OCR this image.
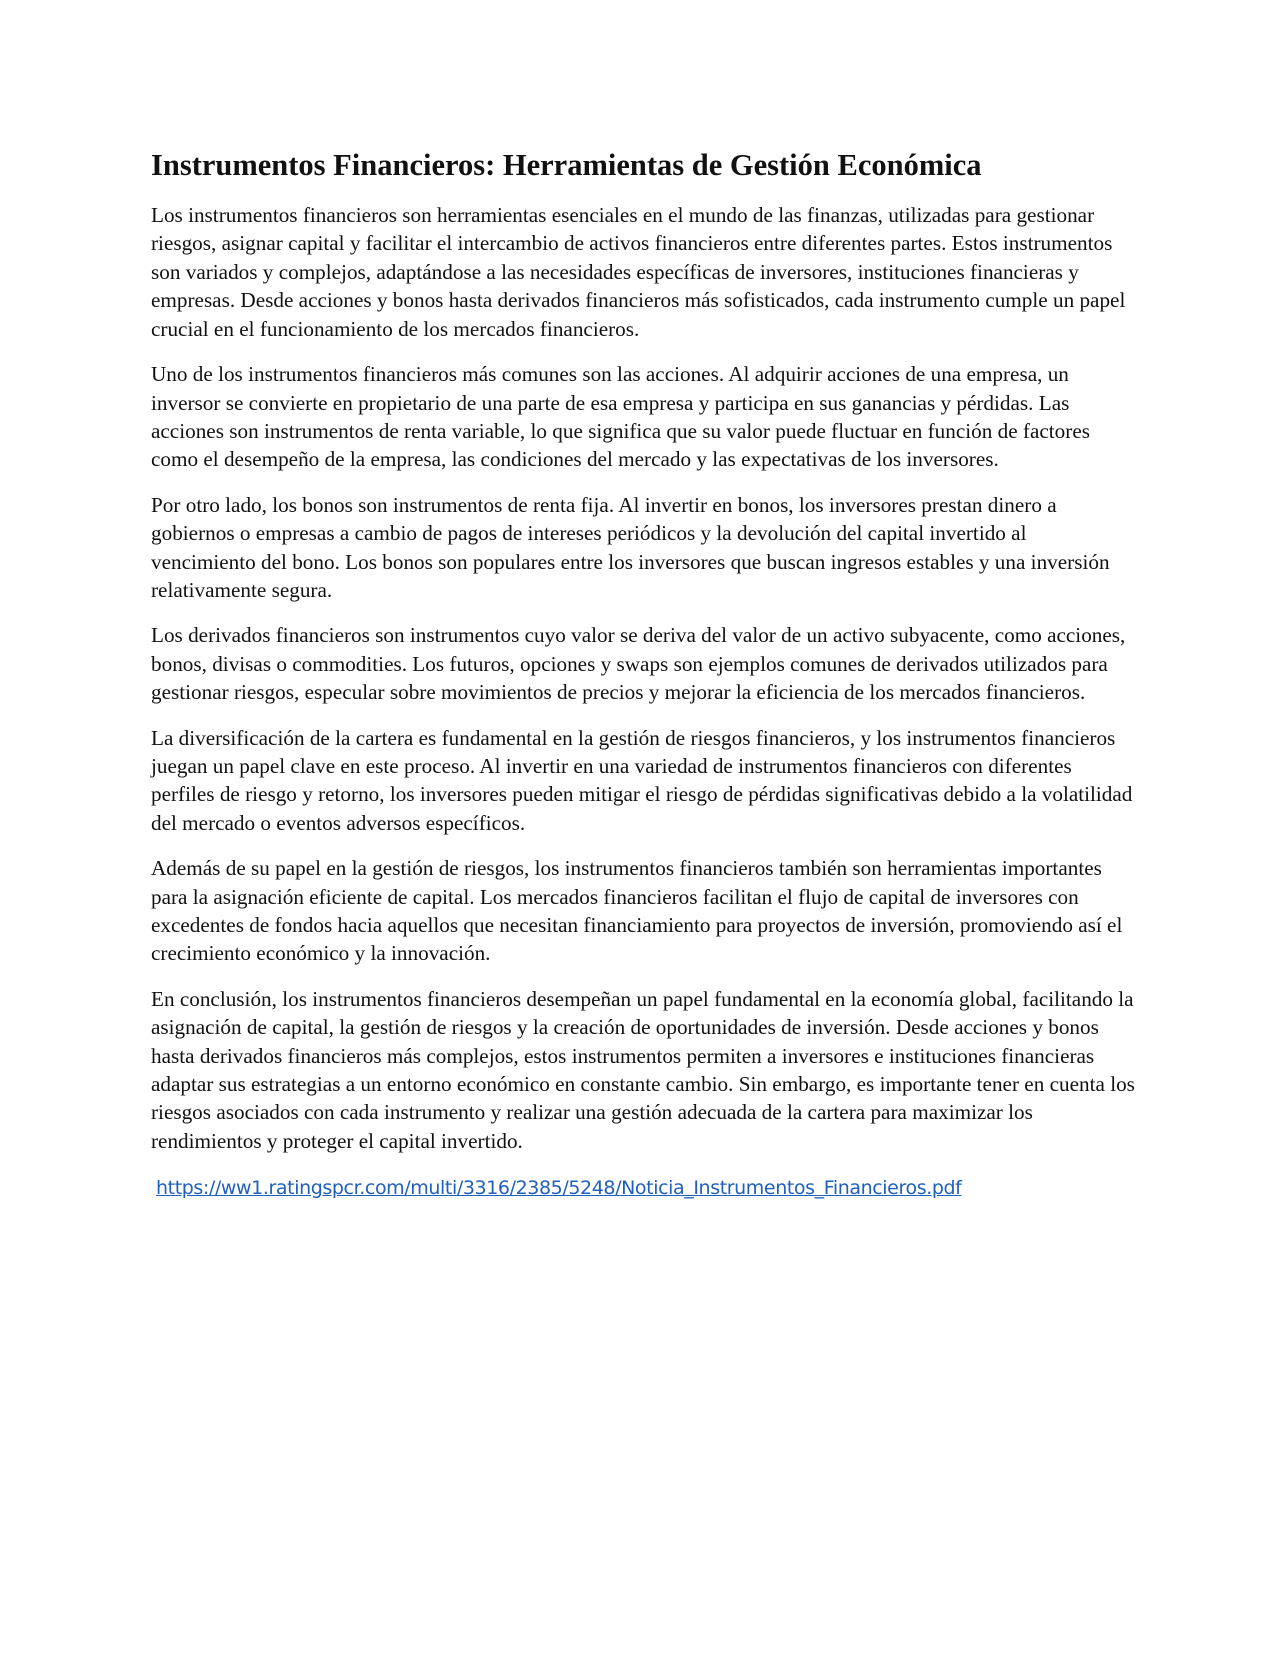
Instrumentos Financieros: Herramientas de Gestión Económica

Los instrumentos financieros son herramientas esenciales en el mundo de las finanzas, utilizadas para gestionar riesgos, asignar capital y facilitar el intercambio de activos financieros entre diferentes partes. Estos instrumentos son variados y complejos, adaptándose a las necesidades específicas de inversores, instituciones financieras y empresas. Desde acciones y bonos hasta derivados financieros más sofisticados, cada instrumento cumple un papel crucial en el funcionamiento de los mercados financieros.

Uno de los instrumentos financieros más comunes son las acciones. Al adquirir acciones de una empresa, un inversor se convierte en propietario de una parte de esa empresa y participa en sus ganancias y pérdidas. Las acciones son instrumentos de renta variable, lo que significa que su valor puede fluctuar en función de factores como el desempeño de la empresa, las condiciones del mercado y las expectativas de los inversores.

Por otro lado, los bonos son instrumentos de renta fija. Al invertir en bonos, los inversores prestan dinero a gobiernos o empresas a cambio de pagos de intereses periódicos y la devolución del capital invertido al vencimiento del bono. Los bonos son populares entre los inversores que buscan ingresos estables y una inversión relativamente segura.

Los derivados financieros son instrumentos cuyo valor se deriva del valor de un activo subyacente, como acciones, bonos, divisas o commodities. Los futuros, opciones y swaps son ejemplos comunes de derivados utilizados para gestionar riesgos, especular sobre movimientos de precios y mejorar la eficiencia de los mercados financieros.

La diversificación de la cartera es fundamental en la gestión de riesgos financieros, y los instrumentos financieros juegan un papel clave en este proceso. Al invertir en una variedad de instrumentos financieros con diferentes perfiles de riesgo y retorno, los inversores pueden mitigar el riesgo de pérdidas significativas debido a la volatilidad del mercado o eventos adversos específicos.

Además de su papel en la gestión de riesgos, los instrumentos financieros también son herramientas importantes para la asignación eficiente de capital. Los mercados financieros facilitan el flujo de capital de inversores con excedentes de fondos hacia aquellos que necesitan financiamiento para proyectos de inversión, promoviendo así el crecimiento económico y la innovación.

En conclusión, los instrumentos financieros desempeñan un papel fundamental en la economía global, facilitando la asignación de capital, la gestión de riesgos y la creación de oportunidades de inversión. Desde acciones y bonos hasta derivados financieros más complejos, estos instrumentos permiten a inversores e instituciones financieras adaptar sus estrategias a un entorno económico en constante cambio. Sin embargo, es importante tener en cuenta los riesgos asociados con cada instrumento y realizar una gestión adecuada de la cartera para maximizar los rendimientos y proteger el capital invertido.

https://ww1.ratingspcr.com/multi/3316/2385/5248/Noticia_Instrumentos_Financieros.pdf
